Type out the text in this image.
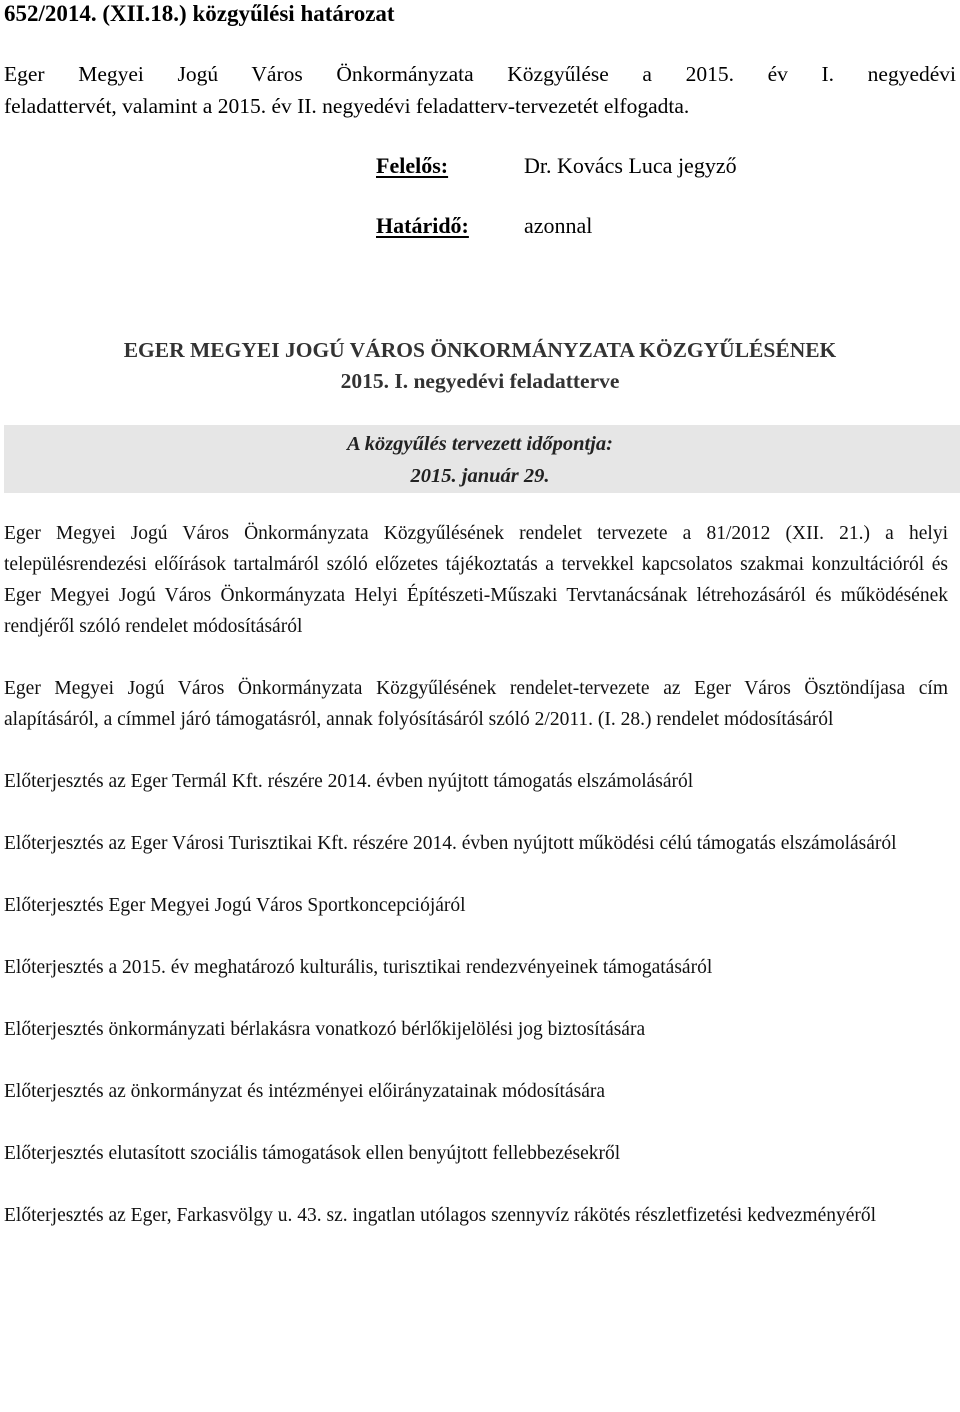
652/2014. (XII.18.) közgyűlési határozat
Eger Megyei Jogú Város Önkormányzata Közgyűlése a 2015. év I. negyedévi
feladattervét, valamint a 2015. év II. negyedévi feladatterv-tervezetét elfogadta.
Felelős:	Dr. Kovács Luca jegyző
Határidő:	azonnal
EGER MEGYEI JOGÚ VÁROS ÖNKORMÁNYZATA KÖZGYŰLÉSÉNEK
2015. I. negyedévi feladatterve
A közgyűlés tervezett időpontja:
2015. január 29.

Eger Megyei Jogú Város Önkormányzata Közgyűlésének rendelet tervezete a 81/2012 (XII. 21.) a helyi településrendezési előírások tartalmáról szóló előzetes tájékoztatás a tervekkel kapcsolatos szakmai konzultációról és Eger Megyei Jogú Város Önkormányzata Helyi Építészeti-Műszaki Tervtanácsának létrehozásáról és működésének rendjéről szóló rendelet módosításáról

Eger Megyei Jogú Város Önkormányzata Közgyűlésének rendelet-tervezete az Eger Város Ösztöndíjasa cím alapításáról, a címmel járó támogatásról, annak folyósításáról szóló 2/2011. (I. 28.) rendelet módosításáról

Előterjesztés az Eger Termál Kft. részére 2014. évben nyújtott támogatás elszámolásáról

Előterjesztés az Eger Városi Turisztikai Kft. részére 2014. évben nyújtott működési célú támogatás elszámolásáról

Előterjesztés Eger Megyei Jogú Város Sportkoncepciójáról

Előterjesztés a 2015. év meghatározó kulturális, turisztikai rendezvényeinek támogatásáról

Előterjesztés önkormányzati bérlakásra vonatkozó bérlőkijelölési jog biztosítására

Előterjesztés az önkormányzat és intézményei előirányzatainak módosítására

Előterjesztés elutasított szociális támogatások ellen benyújtott fellebbezésekről

Előterjesztés az Eger, Farkasvölgy u. 43. sz. ingatlan utólagos szennyvíz rákötés részletfizetési kedvezményéről
